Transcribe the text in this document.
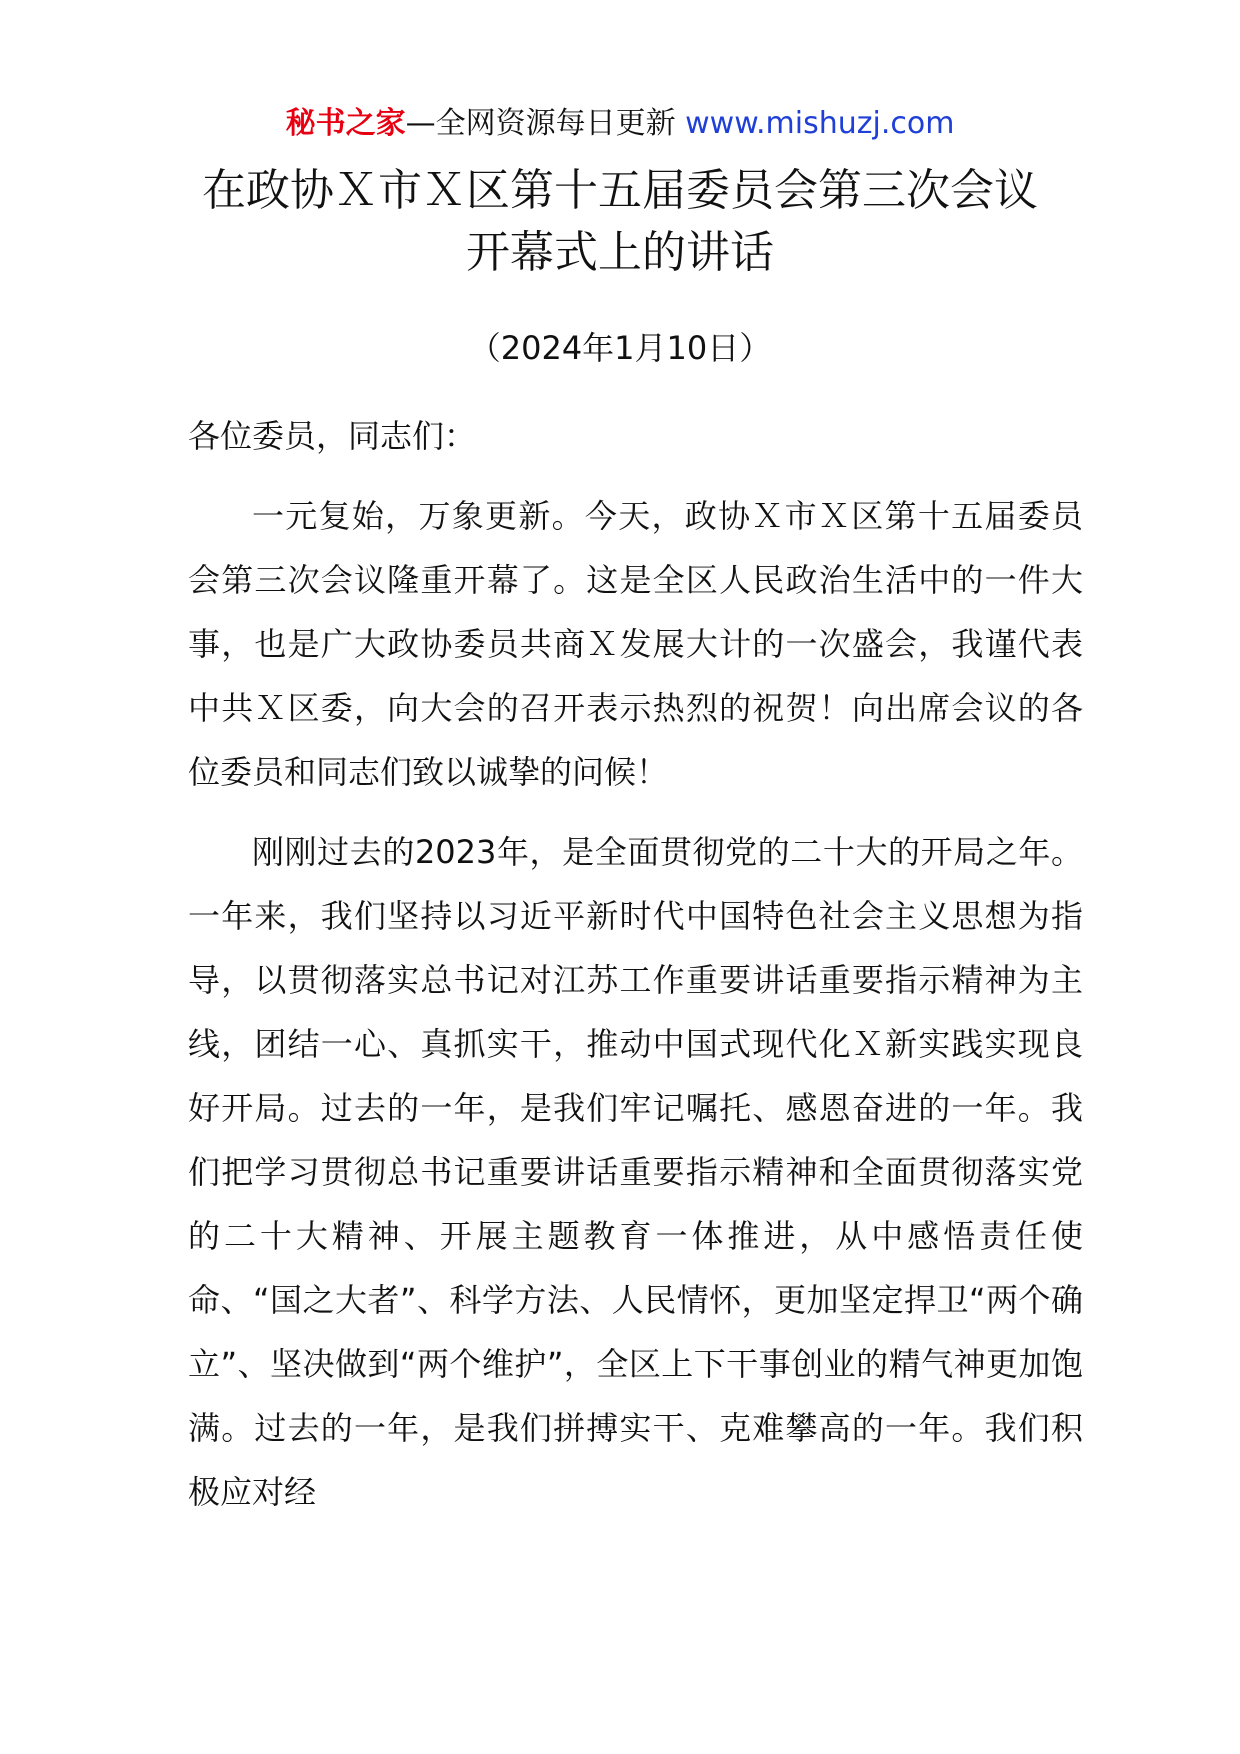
秘书之家—全网资源每日更新 www.mishuzj.com
在政协Ｘ市Ｘ区第十五届委员会第三次会议
开幕式上的讲话
（2024年1月10日）

各位委员，同志们：

一元复始，万象更新。今天，政协Ｘ市Ｘ区第十五届委员会第三次会议隆重开幕了。这是全区人民政治生活中的一件大事，也是广大政协委员共商Ｘ发展大计的一次盛会，我谨代表中共Ｘ区委，向大会的召开表示热烈的祝贺！向出席会议的各位委员和同志们致以诚挚的问候！

刚刚过去的2023年，是全面贯彻党的二十大的开局之年。一年来，我们坚持以习近平新时代中国特色社会主义思想为指导，以贯彻落实总书记对江苏工作重要讲话重要指示精神为主线，团结一心、真抓实干，推动中国式现代化Ｘ新实践实现良好开局。过去的一年，是我们牢记嘱托、感恩奋进的一年。我们把学习贯彻总书记重要讲话重要指示精神和全面贯彻落实党的二十大精神、开展主题教育一体推进，从中感悟责任使命、“国之大者”、科学方法、人民情怀，更加坚定捍卫“两个确立”、坚决做到“两个维护”，全区上下干事创业的精气神更加饱满。过去的一年，是我们拼搏实干、克难攀高的一年。我们积极应对经
